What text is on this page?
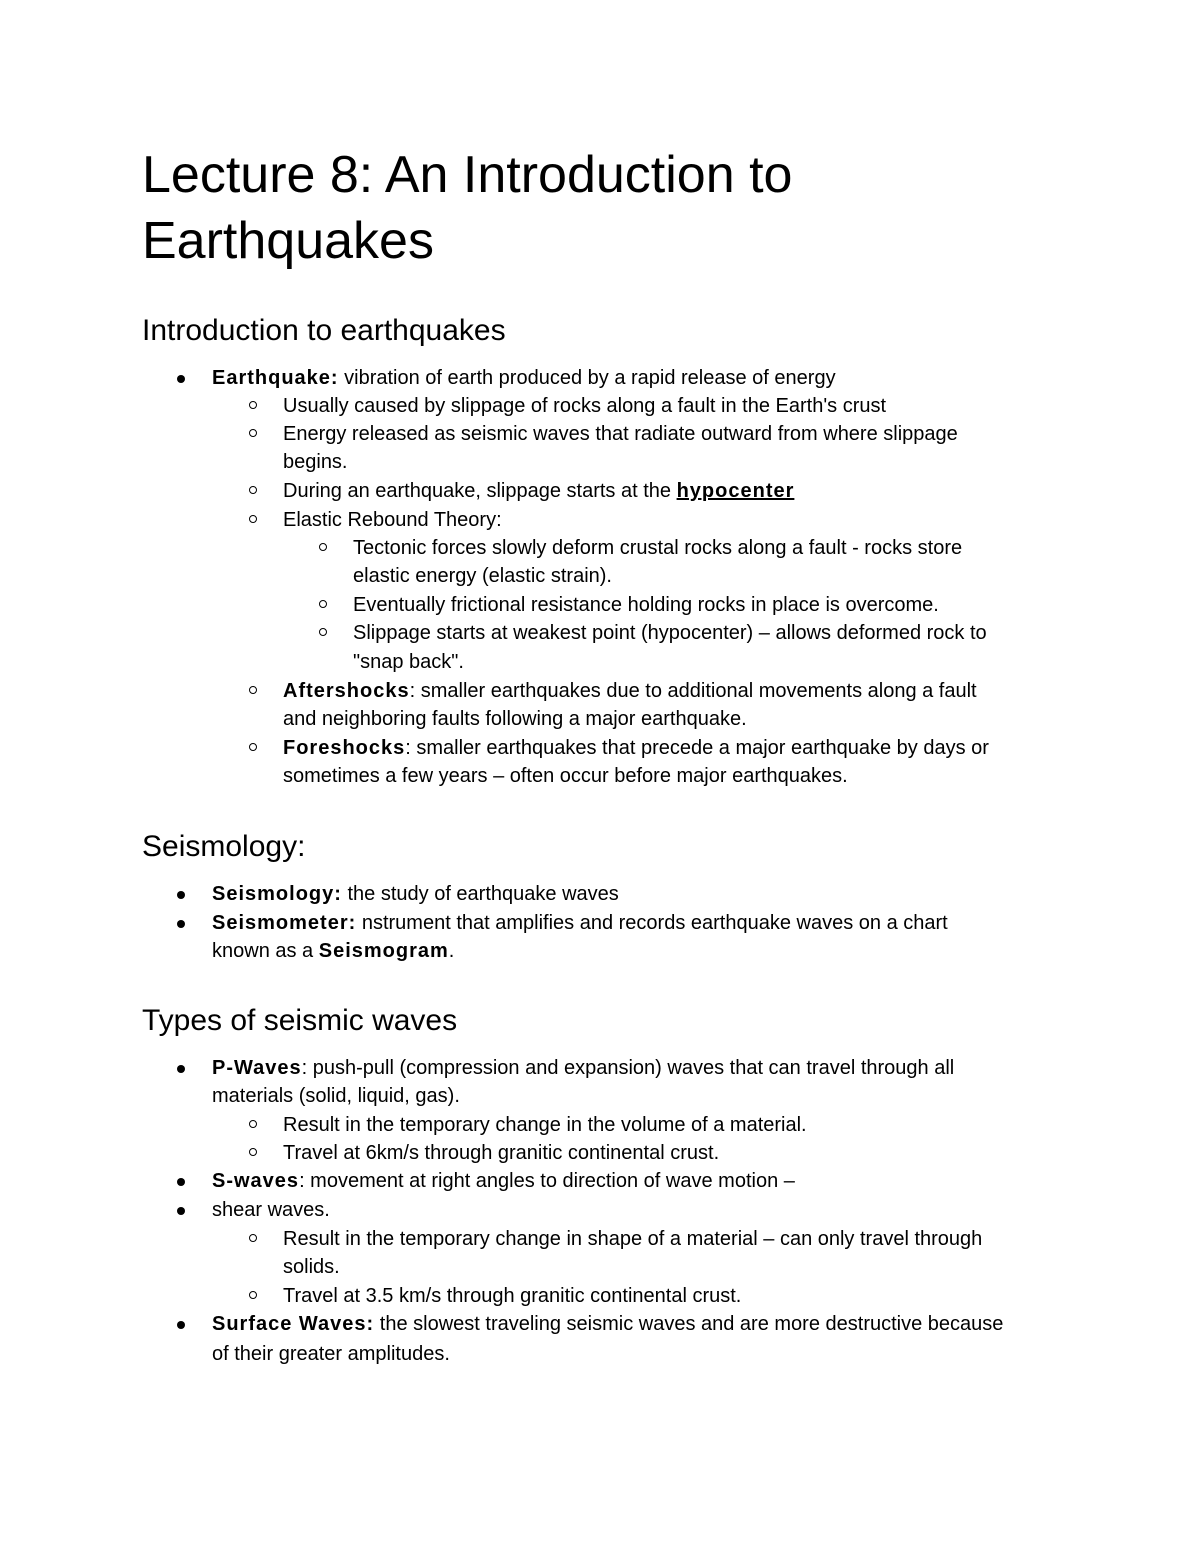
Lecture 8: An Introduction to Earthquakes
Introduction to earthquakes
Earthquake: vibration of earth produced by a rapid release of energy
Usually caused by slippage of rocks along a fault in the Earth's crust
Energy released as seismic waves that radiate outward from where slippage
begins.
During an earthquake, slippage starts at the hypocenter
Elastic Rebound Theory:
Tectonic forces slowly deform crustal rocks along a fault - rocks store
elastic energy (elastic strain).
Eventually frictional resistance holding rocks in place is overcome.
Slippage starts at weakest point (hypocenter) – allows deformed rock to
"snap back".
Aftershocks: smaller earthquakes due to additional movements along a fault
and neighboring faults following a major earthquake.
Foreshocks: smaller earthquakes that precede a major earthquake by days or
sometimes a few years – often occur before major earthquakes.
Seismology:
Seismology: the study of earthquake waves
Seismometer: nstrument that amplifies and records earthquake waves on a chart
known as a Seismogram.
Types of seismic waves
P-Waves: push-pull (compression and expansion) waves that can travel through all
materials (solid, liquid, gas).
Result in the temporary change in the volume of a material.
Travel at 6km/s through granitic continental crust.
S-waves: movement at right angles to direction of wave motion –
shear waves.
Result in the temporary change in shape of a material – can only travel through
solids.
Travel at 3.5 km/s through granitic continental crust.
Surface Waves: the slowest traveling seismic waves and are more destructive because
of their greater amplitudes.
